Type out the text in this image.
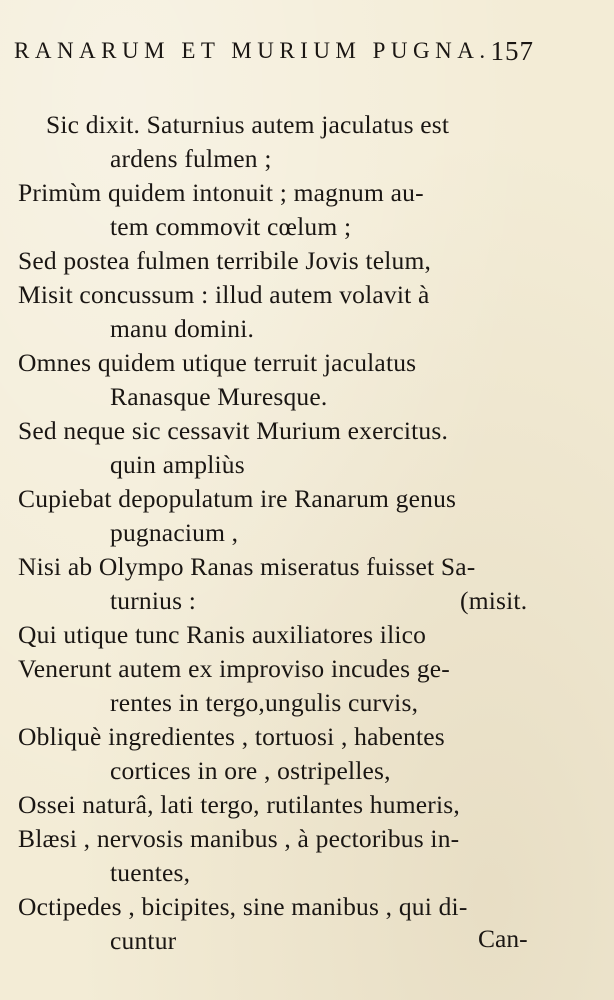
RANARUM ET MURIUM PUGNA. 157
Sic dixit. Saturnius autem jaculatus est
ardens fulmen ;
Primùm quidem intonuit ; magnum au-
tem commovit cœlum ;
Sed postea fulmen terribile Jovis telum,
Misit concussum : illud autem volavit à
manu domini.
Omnes quidem utique terruit jaculatus
Ranasque Muresque.
Sed neque sic cessavit Murium exercitus.
quin ampliùs
Cupiebat depopulatum ire Ranarum genus
pugnacium ,
Nisi ab Olympo Ranas miseratus fuisset Sa-
turnius :	(misit.
Qui utique tunc Ranis auxiliatores ilico
Venerunt autem ex improviso incudes ge-
rentes in tergo,ungulis curvis,
Obliquè ingredientes , tortuosi , habentes
cortices in ore , ostripelles,
Ossei naturâ, lati tergo, rutilantes humeris,
Blæsi , nervosis manibus , à pectoribus in-
tuentes,
Octipedes , bicipites, sine manibus , qui di-
cuntur	Can-
